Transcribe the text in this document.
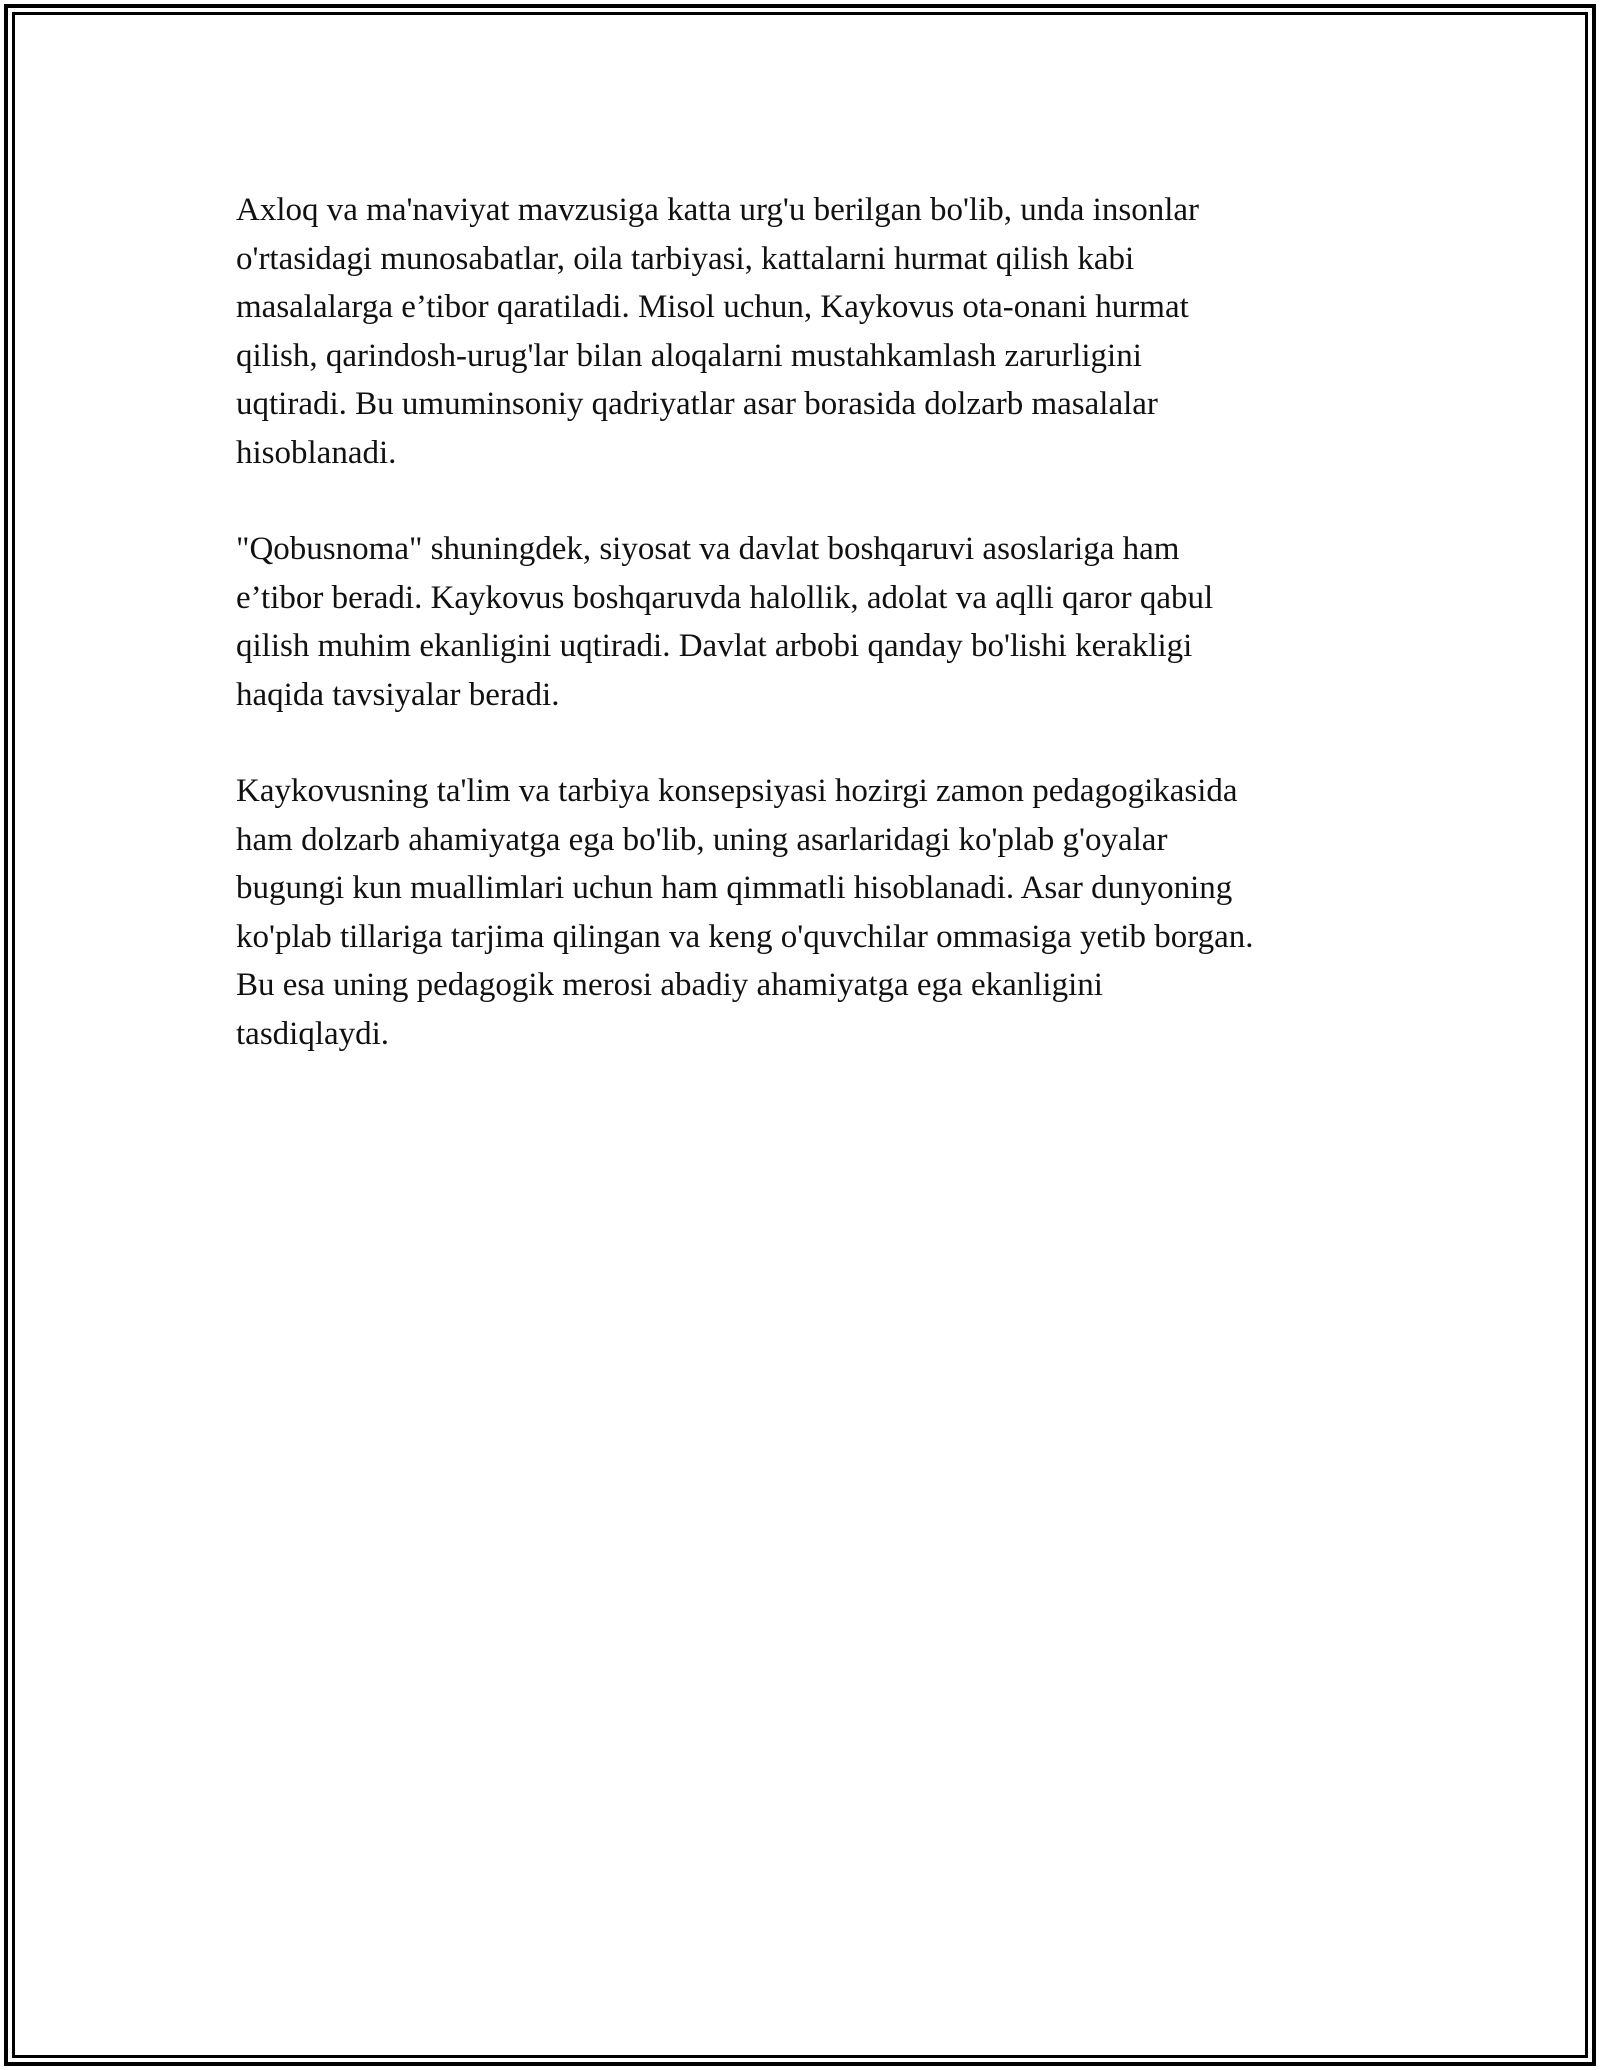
Axloq va ma'naviyat mavzusiga katta urg'u berilgan bo'lib, unda insonlar
o'rtasidagi munosabatlar, oila tarbiyasi, kattalarni hurmat qilish kabi
masalalarga e’tibor qaratiladi. Misol uchun, Kaykovus ota-onani hurmat
qilish, qarindosh-urug'lar bilan aloqalarni mustahkamlash zarurligini
uqtiradi. Bu umuminsoniy qadriyatlar asar borasida dolzarb masalalar
hisoblanadi.

"Qobusnoma" shuningdek, siyosat va davlat boshqaruvi asoslariga ham
e’tibor beradi. Kaykovus boshqaruvda halollik, adolat va aqlli qaror qabul
qilish muhim ekanligini uqtiradi. Davlat arbobi qanday bo'lishi kerakligi
haqida tavsiyalar beradi.

Kaykovusning ta'lim va tarbiya konsepsiyasi hozirgi zamon pedagogikasida
ham dolzarb ahamiyatga ega bo'lib, uning asarlaridagi ko'plab g'oyalar
bugungi kun muallimlari uchun ham qimmatli hisoblanadi. Asar dunyoning
ko'plab tillariga tarjima qilingan va keng o'quvchilar ommasiga yetib borgan.
Bu esa uning pedagogik merosi abadiy ahamiyatga ega ekanligini
tasdiqlaydi.
